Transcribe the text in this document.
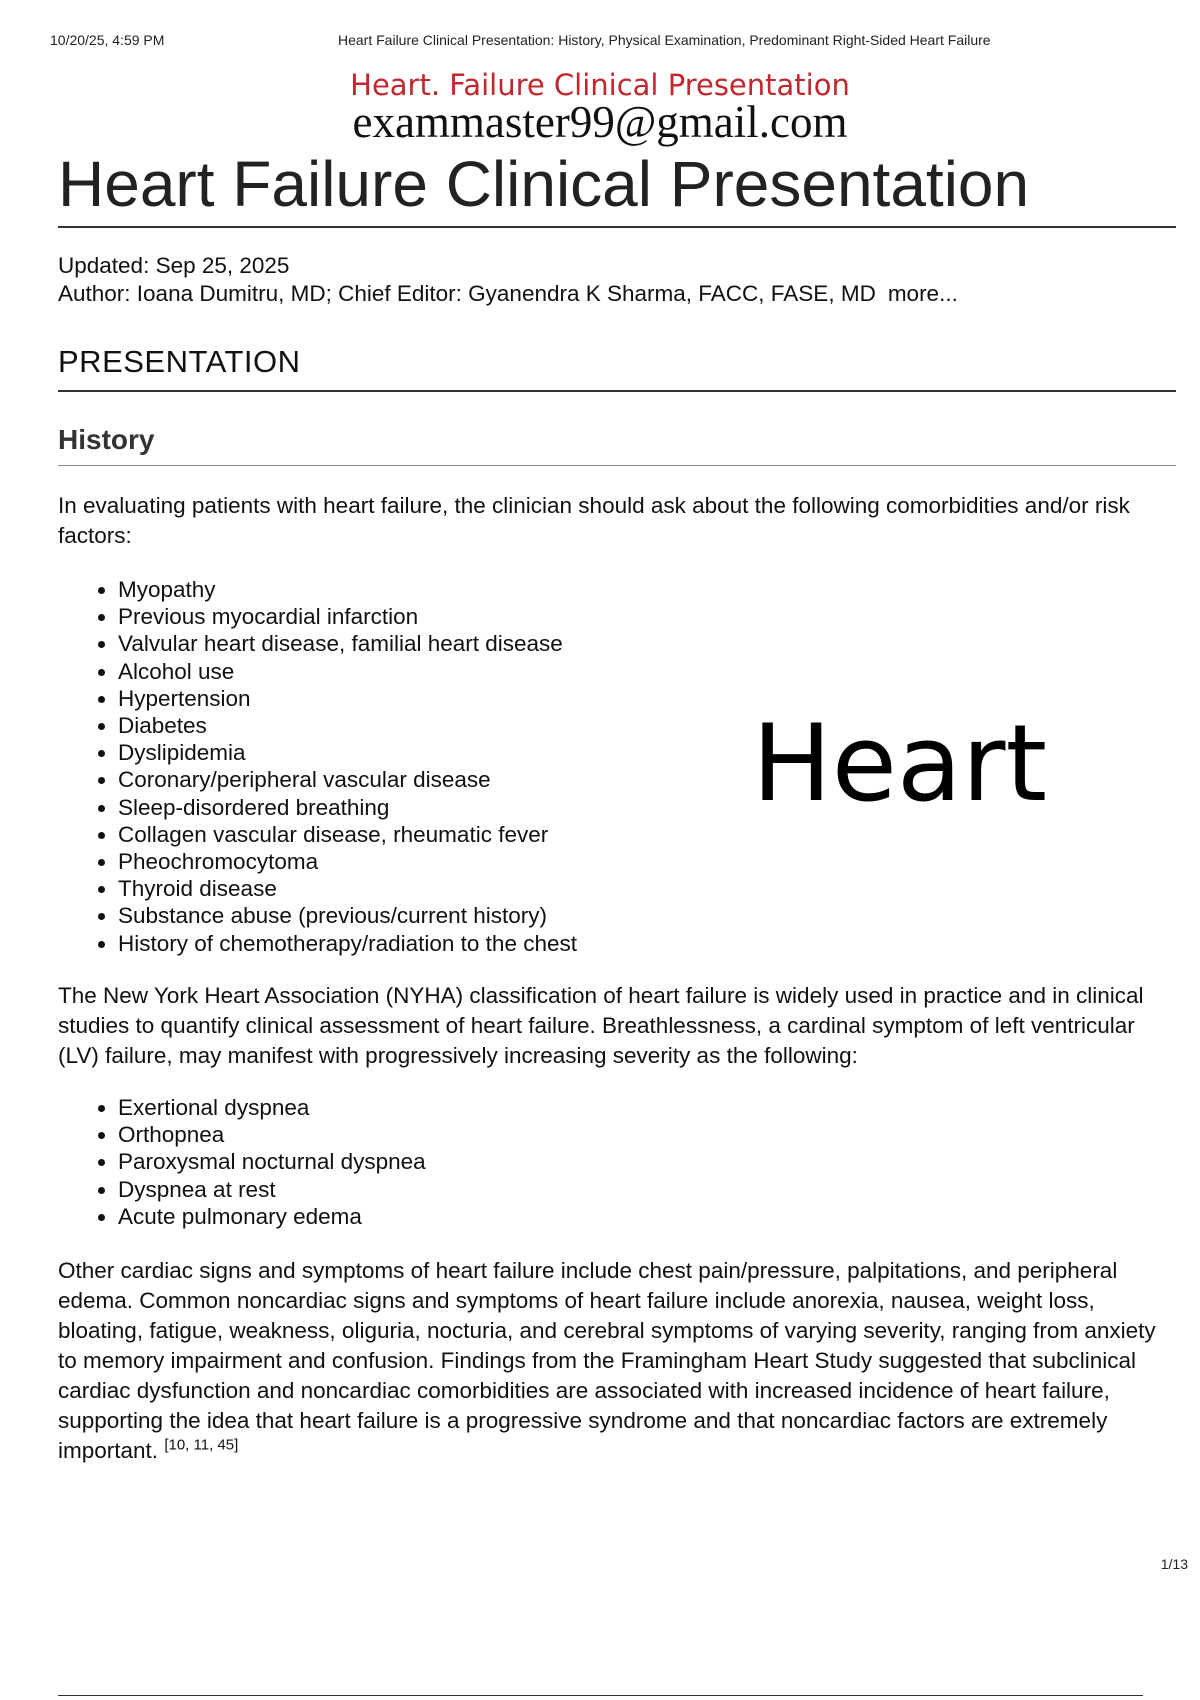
10/20/25, 4:59 PM	Heart Failure Clinical Presentation: History, Physical Examination, Predominant Right-Sided Heart Failure
Heart. Failure Clinical Presentation
exammaster99@gmail.com
Heart Failure Clinical Presentation
Updated: Sep 25, 2025
Author: Ioana Dumitru, MD; Chief Editor: Gyanendra K Sharma, FACC, FASE, MD more...
PRESENTATION
History

In evaluating patients with heart failure, the clinician should ask about the following comorbidities and/or risk factors:

• Myopathy
• Previous myocardial infarction
• Valvular heart disease, familial heart disease
• Alcohol use
• Hypertension
• Diabetes
• Dyslipidemia
• Coronary/peripheral vascular disease
• Sleep-disordered breathing
• Collagen vascular disease, rheumatic fever
• Pheochromocytoma
• Thyroid disease
• Substance abuse (previous/current history)
• History of chemotherapy/radiation to the chest
Heart

The New York Heart Association (NYHA) classification of heart failure is widely used in practice and in clinical studies to quantify clinical assessment of heart failure. Breathlessness, a cardinal symptom of left ventricular (LV) failure, may manifest with progressively increasing severity as the following:

• Exertional dyspnea
• Orthopnea
• Paroxysmal nocturnal dyspnea
• Dyspnea at rest
• Acute pulmonary edema

Other cardiac signs and symptoms of heart failure include chest pain/pressure, palpitations, and peripheral edema. Common noncardiac signs and symptoms of heart failure include anorexia, nausea, weight loss, bloating, fatigue, weakness, oliguria, nocturia, and cerebral symptoms of varying severity, ranging from anxiety to memory impairment and confusion. Findings from the Framingham Heart Study suggested that subclinical cardiac dysfunction and noncardiac comorbidities are associated with increased incidence of heart failure, supporting the idea that heart failure is a progressive syndrome and that noncardiac factors are extremely important. [10, 11, 45]

1/13
